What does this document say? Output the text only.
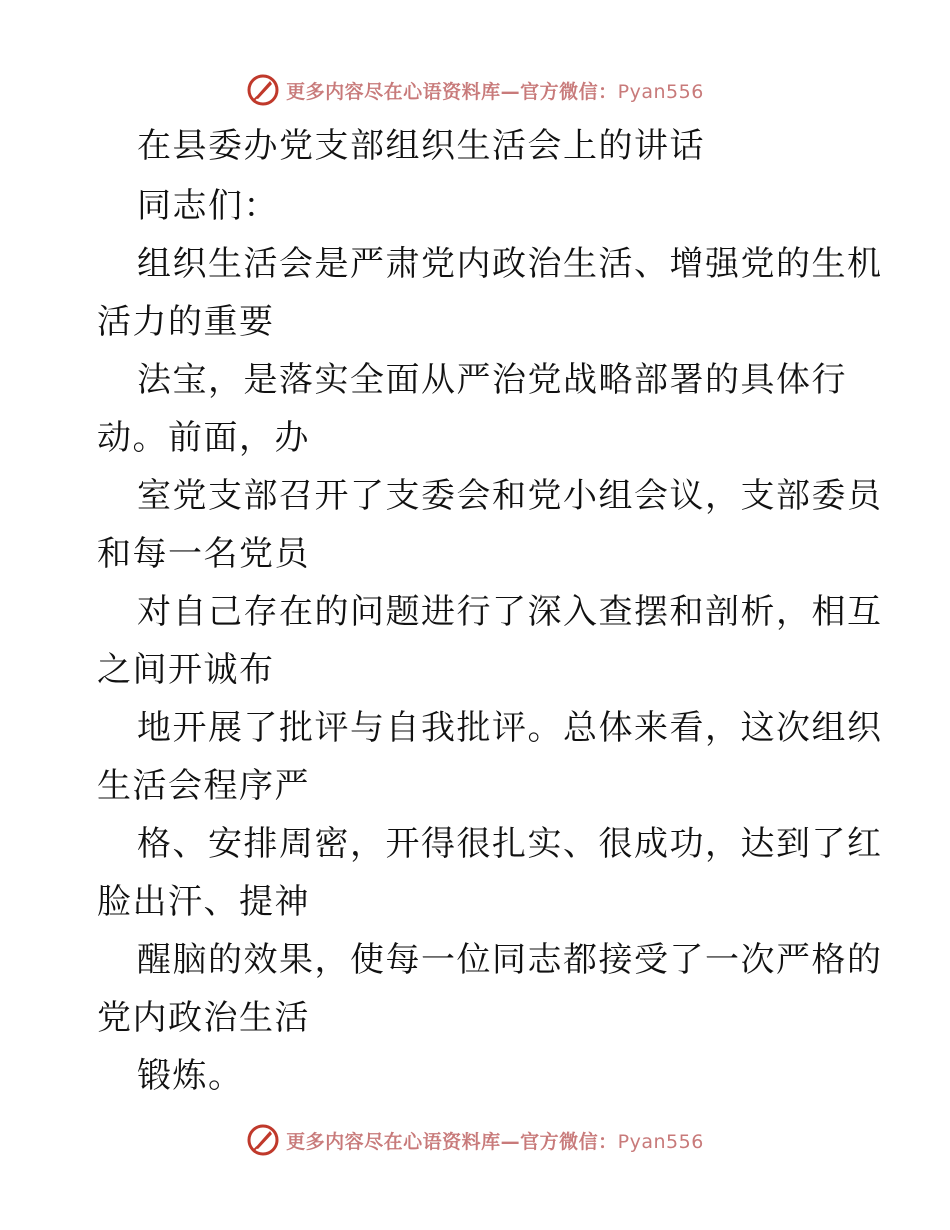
更多内容尽在心语资料库—官方微信：Pyan556
在县委办党支部组织生活会上的讲话
同志们：
组织生活会是严肃党内政治生活、增强党的生机
活力的重要
法宝，是落实全面从严治党战略部署的具体行
动。前面，办
室党支部召开了支委会和党小组会议，支部委员
和每一名党员
对自己存在的问题进行了深入查摆和剖析，相互
之间开诚布
地开展了批评与自我批评。总体来看，这次组织
生活会程序严
格、安排周密，开得很扎实、很成功，达到了红
脸出汗、提神
醒脑的效果，使每一位同志都接受了一次严格的
党内政治生活
锻炼。
更多内容尽在心语资料库—官方微信：Pyan556
